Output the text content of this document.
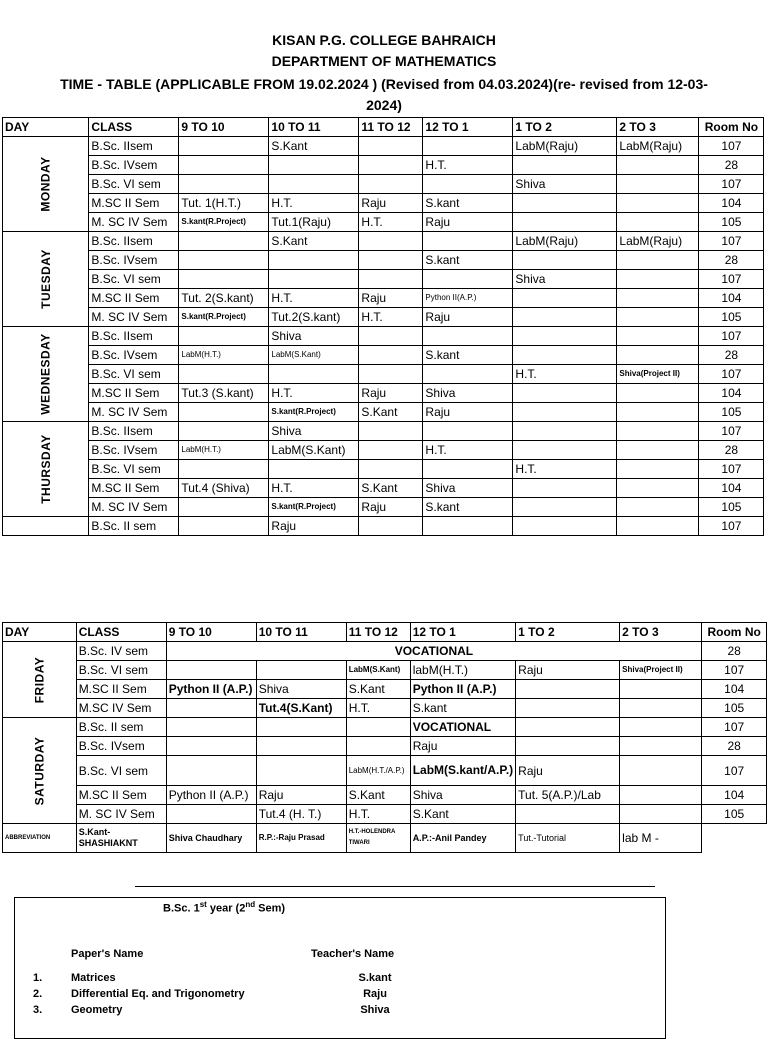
KISAN P.G. COLLEGE BAHRAICH
DEPARTMENT OF MATHEMATICS
TIME - TABLE (APPLICABLE FROM 19.02.2024 ) (Revised from 04.03.2024)(re- revised from 12-03-
2024)
DAY	CLASS	9 TO 10	10 TO 11	11 TO 12	12 TO 1	1 TO 2	2 TO 3	Room No
MONDAY	B.Sc. IIsem		S.Kant			LabM(Raju)	LabM(Raju)	107
	B.Sc. IVsem				H.T.			28
	B.Sc. VI sem					Shiva		107
	M.SC II Sem	Tut. 1(H.T.)	H.T.	Raju	S.kant			104
	M. SC IV Sem	S.kant(R.Project)	Tut.1(Raju)	H.T.	Raju			105
TUESDAY	B.Sc. IIsem		S.Kant			LabM(Raju)	LabM(Raju)	107
	B.Sc. IVsem				S.kant			28
	B.Sc. VI sem					Shiva		107
	M.SC II Sem	Tut. 2(S.kant)	H.T.	Raju	Python II(A.P.)			104
	M. SC IV Sem	S.kant(R.Project)	Tut.2(S.kant)	H.T.	Raju			105
WEDNESDAY	B.Sc. IIsem		Shiva					107
	B.Sc. IVsem	LabM(H.T.)	LabM(S.Kant)		S.kant			28
	B.Sc. VI sem					H.T.	Shiva(Project II)	107
	M.SC II Sem	Tut.3 (S.kant)	H.T.	Raju	Shiva			104
	M. SC IV Sem		S.kant(R.Project)	S.Kant	Raju			105
THURSDAY	B.Sc. IIsem		Shiva					107
	B.Sc. IVsem	LabM(H.T.)	LabM(S.Kant)		H.T.			28
	B.Sc. VI sem					H.T.		107
	M.SC II Sem	Tut.4 (Shiva)	H.T.	S.Kant	Shiva			104
	M. SC IV Sem		S.kant(R.Project)	Raju	S.kant			105
	B.Sc. II sem		Raju					107
DAY	CLASS	9 TO 10	10 TO 11	11 TO 12	12 TO 1	1 TO 2	2 TO 3	Room No
FRIDAY	B.Sc. IV sem	VOCATIONAL						28
	B.Sc. VI sem			LabM(S.Kant)	labM(H.T.)	Raju	Shiva(Project II)	107
	M.SC II Sem	Python II (A.P.)	Shiva	S.Kant	Python II (A.P.)			104
	M.SC IV Sem		Tut.4(S.Kant)	H.T.	S.kant			105
SATURDAY	B.Sc. II sem				VOCATIONAL			107
	B.Sc. IVsem				Raju			28
	B.Sc. VI sem			LabM(H.T./A.P.)	LabM(S.kant/A.P.)	Raju		107
	M.SC II Sem	Python II (A.P.)	Raju	S.Kant	Shiva	Tut. 5(A.P.)/Lab		104
	M. SC IV Sem		Tut.4 (H. T.)	H.T.	S.Kant			105
ABBREVIATION	S.Kant-SHASHIAKNT	Shiva Chaudhary	R.P.:-Raju Prasad	H.T.-HOLENDRA TIWARI	A.P.:-Anil Pandey	Tut.-Tutorial	lab M -	
B.Sc. 1st year (2nd Sem)
Paper's Name	Teacher's Name
1.	Matrices	S.kant
2.	Differential Eq. and Trigonometry	Raju
3.	Geometry	Shiva
